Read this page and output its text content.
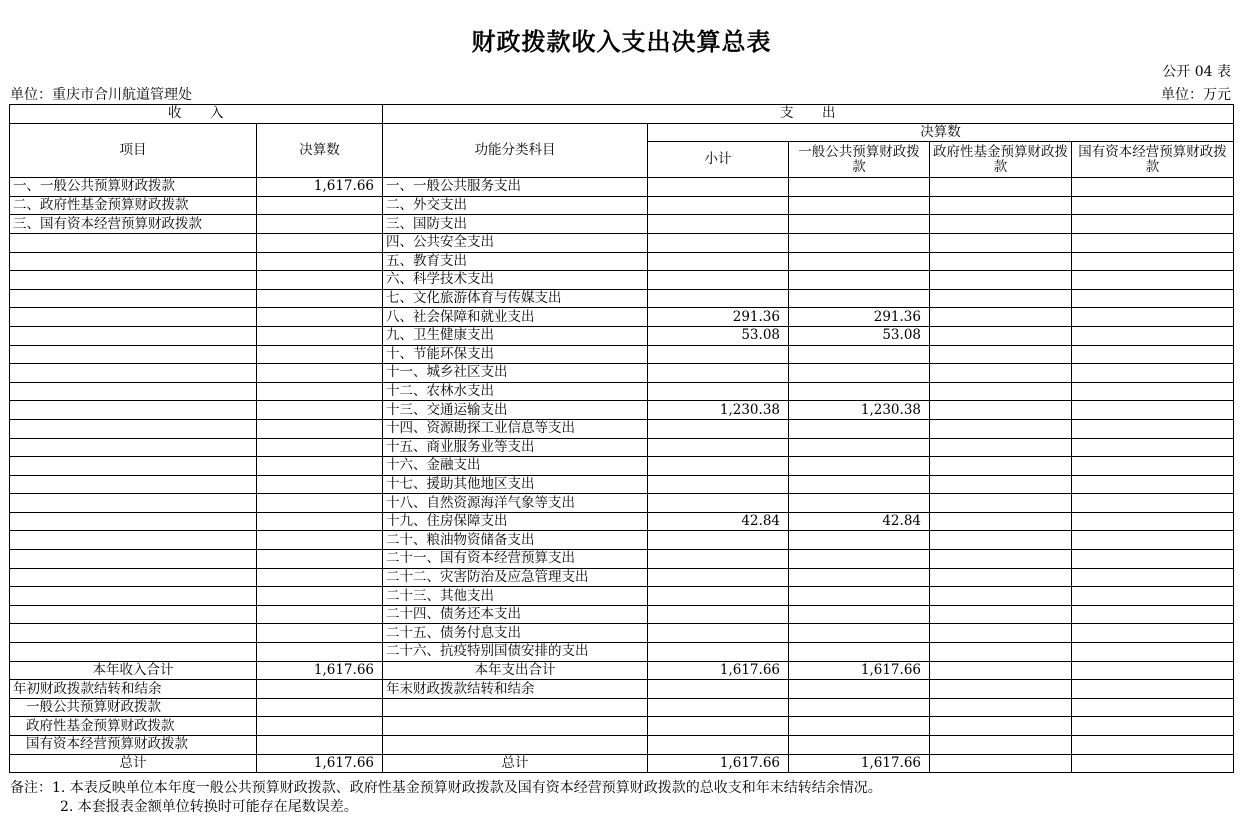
财政拨款收入支出决算总表
公开 04 表
单位：重庆市合川航道管理处	单位：万元
收　　入		支　　出				
项目	决算数	功能分类科目	决算数			
			小计	一般公共预算财政拨款	政府性基金预算财政拨款	国有资本经营预算财政拨款
一、一般公共预算财政拨款	1,617.66	一、一般公共服务支出				
二、政府性基金预算财政拨款		二、外交支出				
三、国有资本经营预算财政拨款		三、国防支出				
		四、公共安全支出				
		五、教育支出				
		六、科学技术支出				
		七、文化旅游体育与传媒支出				
		八、社会保障和就业支出	291.36	291.36		
		九、卫生健康支出	53.08	53.08		
		十、节能环保支出				
		十一、城乡社区支出				
		十二、农林水支出				
		十三、交通运输支出	1,230.38	1,230.38		
		十四、资源勘探工业信息等支出				
		十五、商业服务业等支出				
		十六、金融支出				
		十七、援助其他地区支出				
		十八、自然资源海洋气象等支出				
		十九、住房保障支出	42.84	42.84		
		二十、粮油物资储备支出				
		二十一、国有资本经营预算支出				
		二十二、灾害防治及应急管理支出				
		二十三、其他支出				
		二十四、债务还本支出				
		二十五、债务付息支出				
		二十六、抗疫特别国债安排的支出				
本年收入合计	1,617.66	本年支出合计	1,617.66	1,617.66		
年初财政拨款结转和结余		年末财政拨款结转和结余				
一般公共预算财政拨款						
政府性基金预算财政拨款						
国有资本经营预算财政拨款						
总计	1,617.66	总计	1,617.66	1,617.66		
备注：1. 本表反映单位本年度一般公共预算财政拨款、政府性基金预算财政拨款及国有资本经营预算财政拨款的总收支和年末结转结余情况。
2. 本套报表金额单位转换时可能存在尾数误差。
